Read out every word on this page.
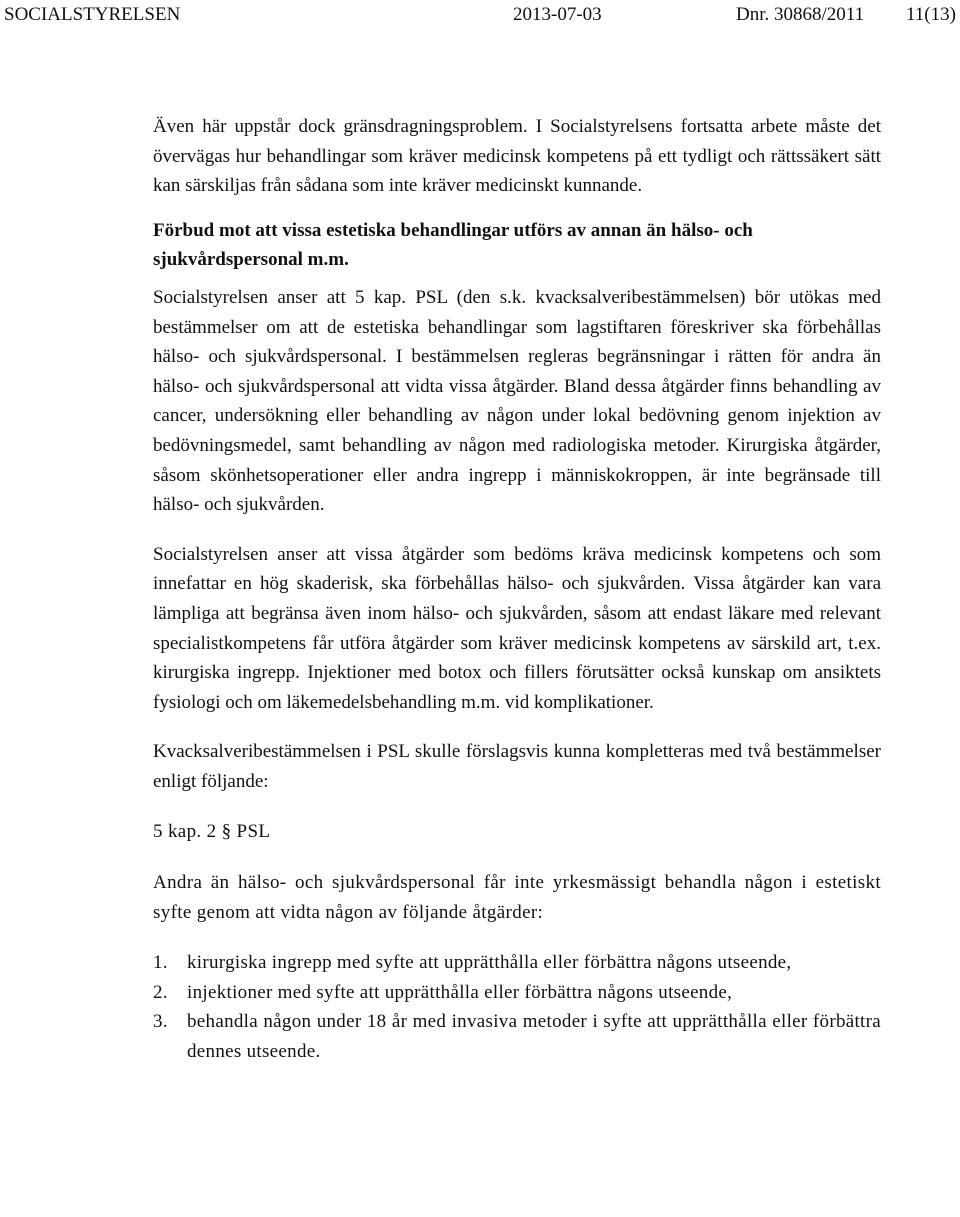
SOCIALSTYRELSEN	2013-07-03	Dnr. 30868/2011 11(13)

Även här uppstår dock gränsdragningsproblem. I Socialstyrelsens fortsatta arbete måste det övervägas hur behandlingar som kräver medicinsk kompetens på ett tydligt och rättssäkert sätt kan särskiljas från sådana som inte kräver medicinskt kunnande.

Förbud mot att vissa estetiska behandlingar utförs av annan än hälso- och sjukvårdspersonal m.m.

Socialstyrelsen anser att 5 kap. PSL (den s.k. kvacksalveribestämmelsen) bör utökas med bestämmelser om att de estetiska behandlingar som lagstiftaren föreskriver ska förbehållas hälso- och sjukvårdspersonal. I bestämmelsen regleras begränsningar i rätten för andra än hälso- och sjukvårdspersonal att vidta vissa åtgärder. Bland dessa åtgärder finns behandling av cancer, undersökning eller behandling av någon under lokal bedövning genom injektion av bedövningsmedel, samt behandling av någon med radiologiska metoder. Kirurgiska åtgärder, såsom skönhetsoperationer eller andra ingrepp i människokroppen, är inte begränsade till hälso- och sjukvården.

Socialstyrelsen anser att vissa åtgärder som bedöms kräva medicinsk kompetens och som innefattar en hög skaderisk, ska förbehållas hälso- och sjukvården. Vissa åtgärder kan vara lämpliga att begränsa även inom hälso- och sjukvården, såsom att endast läkare med relevant specialistkompetens får utföra åtgärder som kräver medicinsk kompetens av särskild art, t.ex. kirurgiska ingrepp. Injektioner med botox och fillers förutsätter också kunskap om ansiktets fysiologi och om läkemedelsbehandling m.m. vid komplikationer.

Kvacksalveribestämmelsen i PSL skulle förslagsvis kunna kompletteras med två bestämmelser enligt följande:

5 kap. 2 § PSL

Andra än hälso- och sjukvårdspersonal får inte yrkesmässigt behandla någon i estetiskt syfte genom att vidta någon av följande åtgärder:

1. kirurgiska ingrepp med syfte att upprätthålla eller förbättra någons utseende,
2. injektioner med syfte att upprätthålla eller förbättra någons utseende,
3. behandla någon under 18 år med invasiva metoder i syfte att upprätthålla eller förbättra dennes utseende.
